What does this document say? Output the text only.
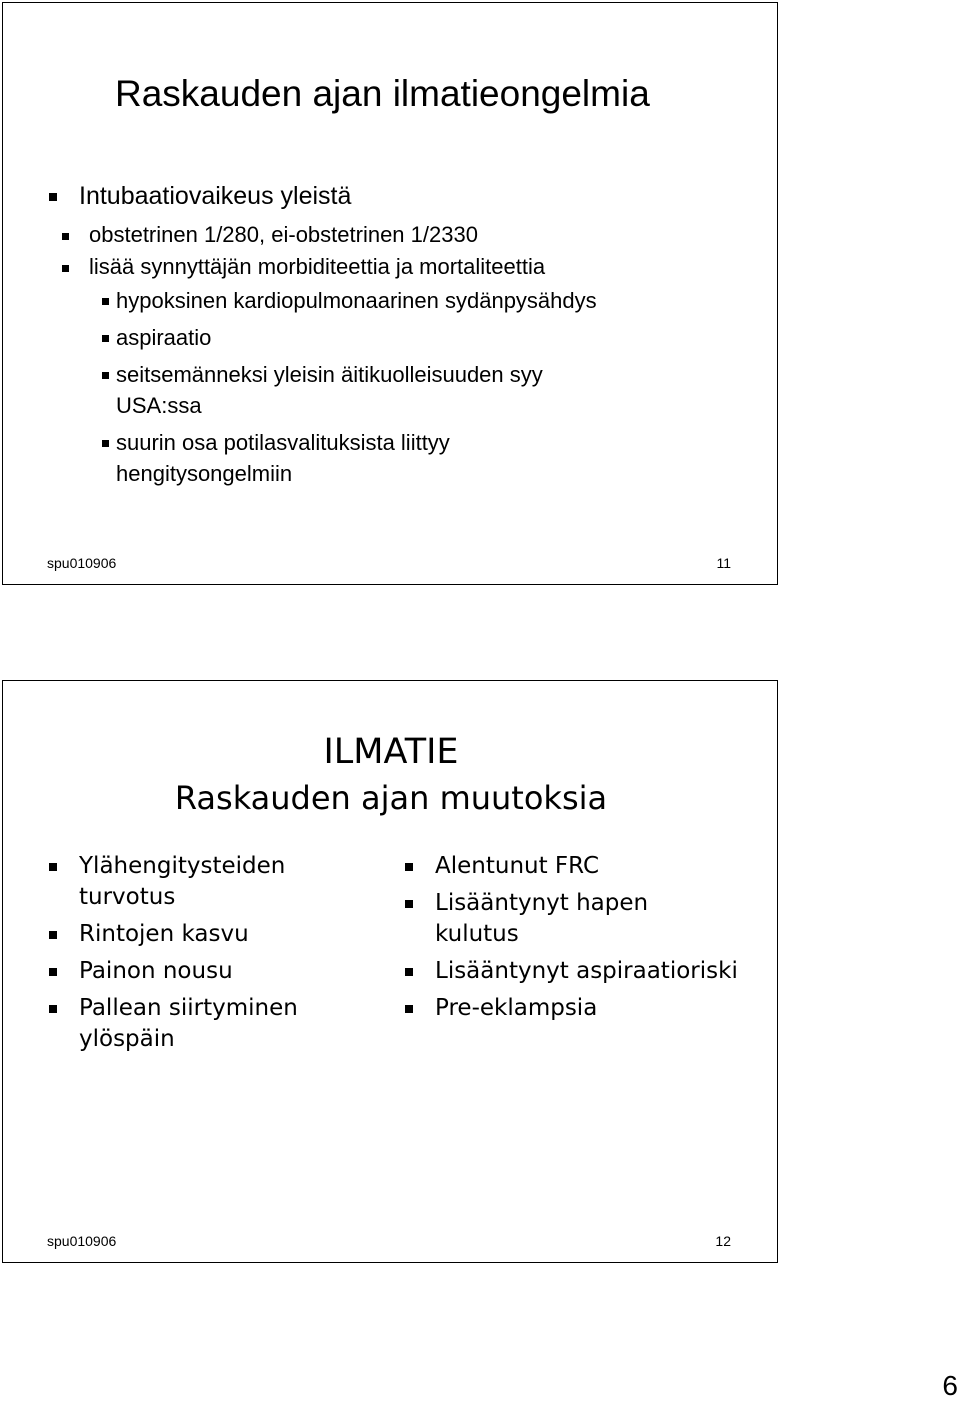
Raskauden ajan ilmatieongelmia
Intubaatiovaikeus yleistä
obstetrinen 1/280, ei-obstetrinen 1/2330
lisää synnyttäjän morbiditeettia ja mortaliteettia
hypoksinen kardiopulmonaarinen sydänpysähdys
aspiraatio
seitsemänneksi yleisin äitikuolleisuuden syy
USA:ssa
suurin osa potilasvalituksista liittyy
hengitysongelmiin
spu010906	11
ILMATIE
Raskauden ajan muutoksia
Ylähengitysteiden
turvotus
Rintojen kasvu
Painon nousu
Pallean siirtyminen
ylöspäin
Alentunut FRC
Lisääntynyt hapen
kulutus
Lisääntynyt aspiraatioriski
Pre-eklampsia
spu010906	12
6
